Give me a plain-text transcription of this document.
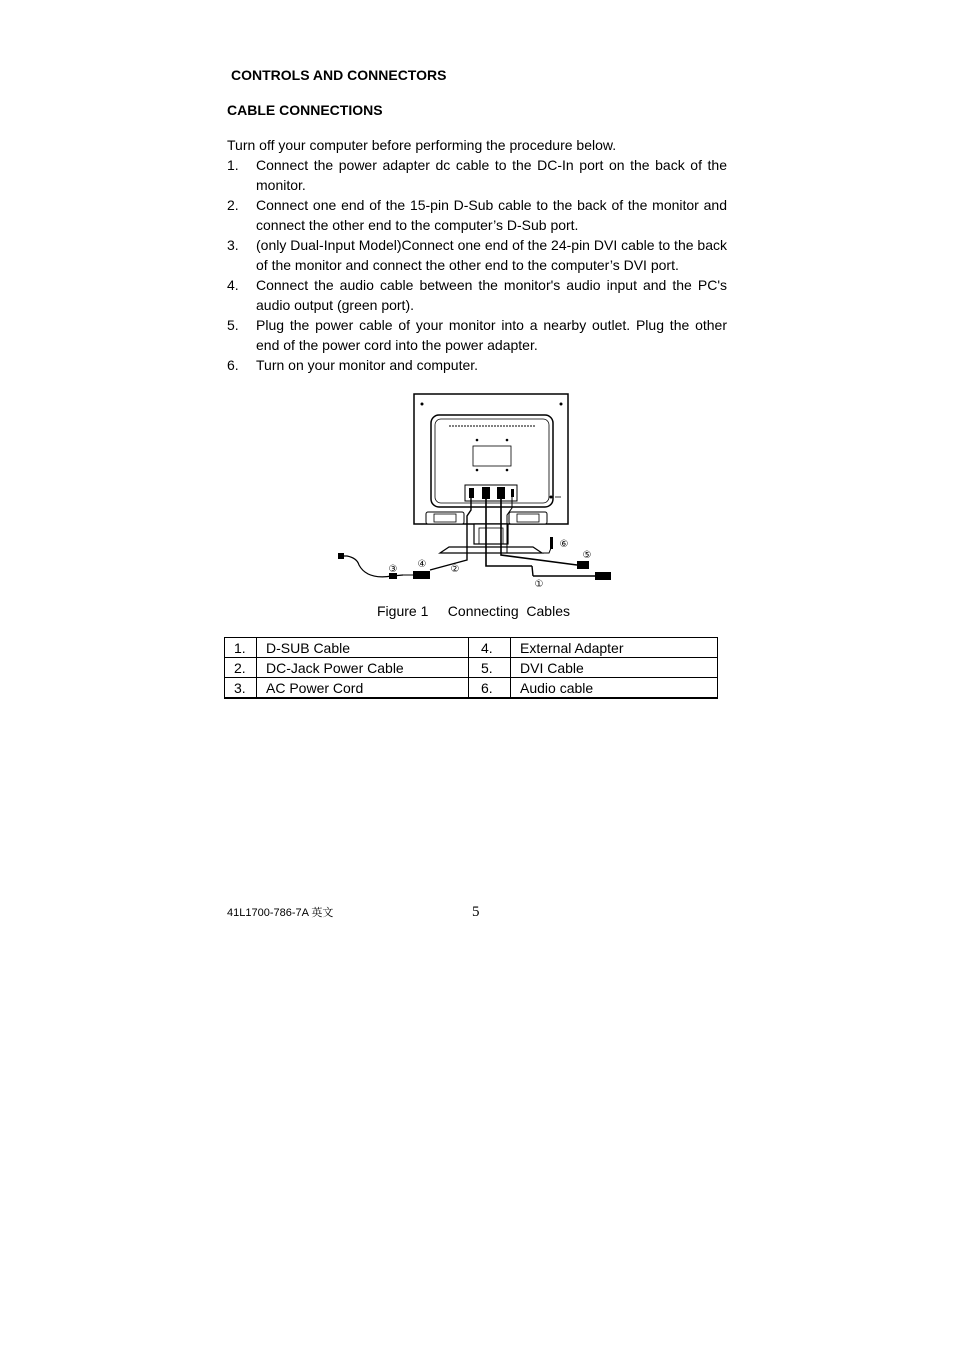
CONTROLS AND CONNECTORS
CABLE CONNECTIONS
Turn off your computer before performing the procedure below.
1. Connect the power adapter dc cable to the DC-In port on the back of the monitor.
2. Connect one end of the 15-pin D-Sub cable to the back of the monitor and connect the other end to the computer’s D-Sub port.
3. (only Dual-Input Model)Connect one end of the 24-pin DVI cable to the back of the monitor and connect the other end to the computer’s DVI port.
4. Connect the audio cable between the monitor's audio input and the PC's audio output (green port).
5. Plug the power cable of your monitor into a nearby outlet. Plug the other end of the power cord into the power adapter.
6. Turn on your monitor and computer.
①
②
③ ④
⑤
⑥
Figure 1     Connecting  Cables
1.	D-SUB Cable	4.	External Adapter
2.	DC-Jack Power Cable	5.	DVI Cable
3.	AC Power Cord	6.	Audio cable
41L1700-786-7A 英文	5
